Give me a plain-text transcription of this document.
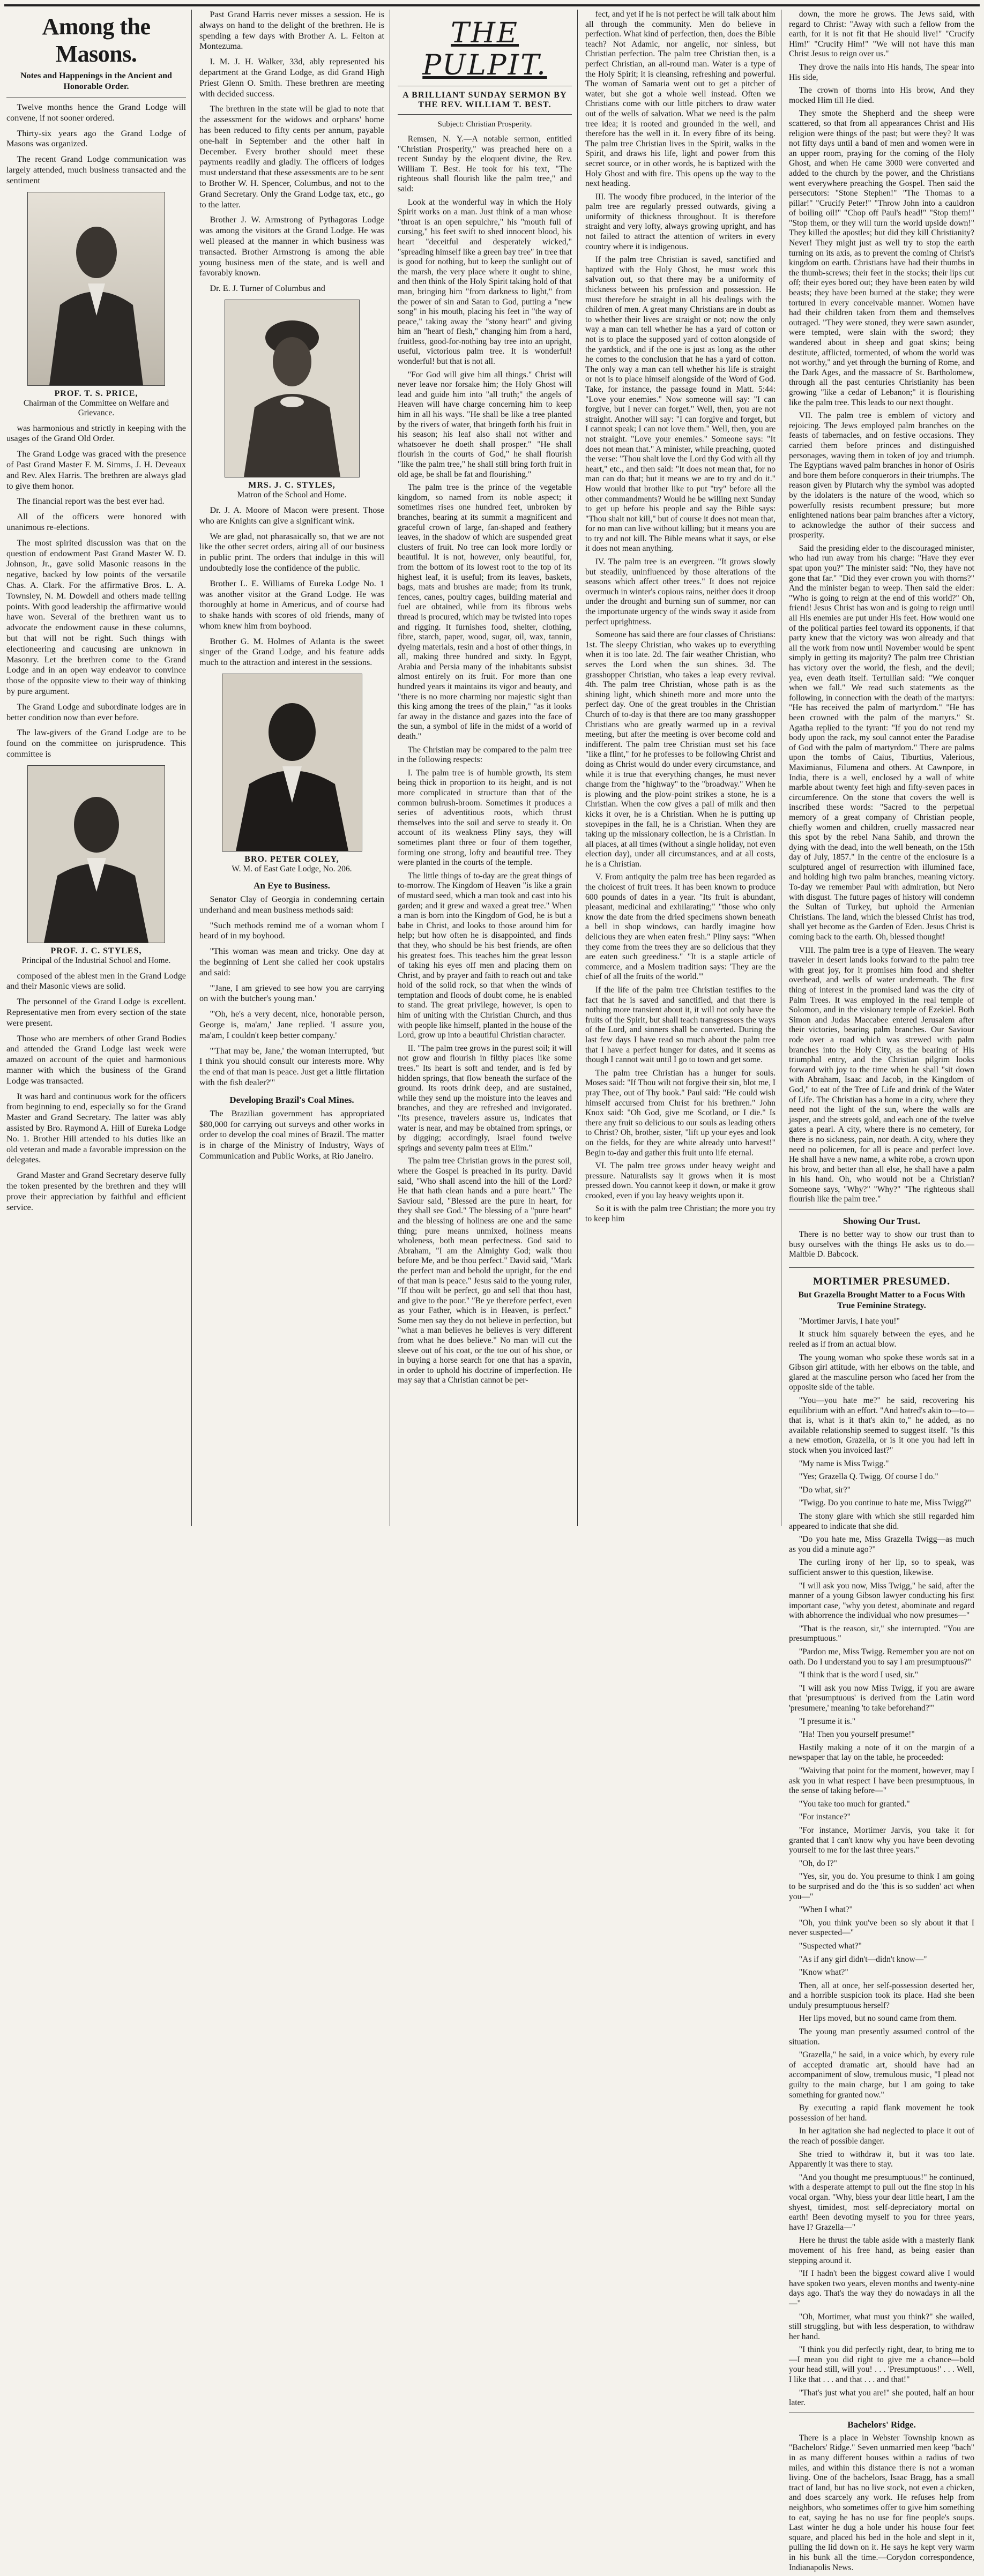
Among the Masons.
Notes and Happenings in the Ancient and Honorable Order.

Twelve months hence the Grand Lodge will convene, if not sooner ordered.

Thirty-six years ago the Grand Lodge of Masons was organized.

The recent Grand Lodge communication was largely attended, much business transacted and the sentiment

PROF. T. S. PRICE,
Chairman of the Committee on Welfare and Grievance.

was harmonious and strictly in keeping with the usages of the Grand Old Order.

The Grand Lodge was graced with the presence of Past Grand Master F. M. Simms, J. H. Deveaux and Rev. Alex Harris. The brethren are always glad to give them honor.

The financial report was the best ever had.

All of the officers were honored with unanimous re-elections.

The most spirited discussion was that on the question of endowment Past Grand Master W. D. Johnson, Jr., gave solid Masonic reasons in the negative, backed by low points of the versatile Chas. A. Clark. For the affirmative Bros. L. A. Townsley, N. M. Dowdell and others made telling points. With good leadership the affirmative would have won. Several of the brethren want us to advocate the endowment cause in these columns, but that will not be right. Such things with electioneering and caucusing are unknown in Masonry. Let the brethren come to the Grand Lodge and in an open way endeavor to convince those of the opposite view to their way of thinking by pure argument.

The Grand Lodge and subordinate lodges are in better condition now than ever before.

The law-givers of the Grand Lodge are to be found on the committee on jurisprudence. This committee is

PROF. J. C. STYLES,
Principal of the Industrial School and Home.

composed of the ablest men in the Grand Lodge and their Masonic views are solid.

The personnel of the Grand Lodge is excellent. Representative men from every section of the state were present.

Those who are members of other Grand Bodies and attended the Grand Lodge last week were amazed on account of the quiet and harmonious manner with which the business of the Grand Lodge was transacted.

It was hard and continuous work for the officers from beginning to end, especially so for the Grand Master and Grand Secretary. The latter was ably assisted by Bro. Raymond A. Hill of Eureka Lodge No. 1. Brother Hill attended to his duties like an old veteran and made a favorable impression on the delegates.

Grand Master and Grand Secretary deserve fully the token presented by the brethren and they will prove their appreciation by faithful and efficient service.

Past Grand Harris never misses a session. He is always on hand to the delight of the brethren. He is spending a few days with Brother A. L. Felton at Montezuma.

I. M. J. H. Walker, 33d, ably represented his department at the Grand Lodge, as did Grand High Priest Glenn O. Smith. These brethren are meeting with decided success.

The brethren in the state will be glad to note that the assessment for the widows and orphans' home has been reduced to fifty cents per annum, payable one-half in September and the other half in December. Every brother should meet these payments readily and gladly. The officers of lodges must understand that these assessments are to be sent to Brother W. H. Spencer, Columbus, and not to the Grand Secretary. Only the Grand Lodge tax, etc., go to the latter.

Brother J. W. Armstrong of Pythagoras Lodge was among the visitors at the Grand Lodge. He was well pleased at the manner in which business was transacted. Brother Armstrong is among the able young business men of the state, and is well and favorably known.

Dr. E. J. Turner of Columbus and

MRS. J. C. STYLES,
Matron of the School and Home.

Dr. J. A. Moore of Macon were present. Those who are Knights can give a significant wink.

We are glad, not pharasaically so, that we are not like the other secret orders, airing all of our business in public print. The orders that indulge in this will undoubtedly lose the confidence of the public.

Brother L. E. Williams of Eureka Lodge No. 1 was another visitor at the Grand Lodge. He was thoroughly at home in Americus, and of course had to shake hands with scores of old friends, many of whom knew him from boyhood.

Brother G. M. Holmes of Atlanta is the sweet singer of the Grand Lodge, and his feature adds much to the attraction and interest in the sessions.

BRO. PETER COLEY,
W. M. of East Gate Lodge, No. 206.
An Eye to Business.

Senator Clay of Georgia in condemning certain underhand and mean business methods said:

"Such methods remind me of a woman whom I heard of in my boyhood.

"This woman was mean and tricky. One day at the beginning of Lent she called her cook upstairs and said:

"'Jane, I am grieved to see how you are carrying on with the butcher's young man.'

"'Oh, he's a very decent, nice, honorable person, George is, ma'am,' Jane replied. 'I assure you, ma'am, I couldn't keep better company.'

"'That may be, Jane,' the woman interrupted, 'but I think you should consult our interests more. Why the end of that man is peace. Just get a little flirtation with the fish dealer?'"

Developing Brazil's Coal Mines.

The Brazilian government has appropriated $80,000 for carrying out surveys and other works in order to develop the coal mines of Brazil. The matter is in charge of the Ministry of Industry, Ways of Communication and Public Works, at Rio Janeiro.

THE PULPIT.
A BRILLIANT SUNDAY SERMON BY THE REV. WILLIAM T. BEST.
Subject: Christian Prosperity.

Remsen, N. Y.—A notable sermon, entitled "Christian Prosperity," was preached here on a recent Sunday by the eloquent divine, the Rev. William T. Best. He took for his text, "The righteous shall flourish like the palm tree," and said:

Look at the wonderful way in which the Holy Spirit works on a man. Just think of a man whose "throat is an open sepulchre," his "mouth full of cursing," his feet swift to shed innocent blood, his heart "deceitful and desperately wicked," "spreading himself like a green bay tree" in tree that is good for nothing, but to keep the sunlight out of the marsh, the very place where it ought to shine, and then think of the Holy Spirit taking hold of that man, bringing him "from darkness to light," from the power of sin and Satan to God, putting a "new song" in his mouth, placing his feet in "the way of peace," taking away the "stony heart" and giving him an "heart of flesh," changing him from a hard, fruitless, good-for-nothing bay tree into an upright, useful, victorious palm tree. It is wonderful! wonderful! but that is not all.

"For God will give him all things." Christ will never leave nor forsake him; the Holy Ghost will lead and guide him into "all truth;" the angels of Heaven will have charge concerning him to keep him in all his ways. "He shall be like a tree planted by the rivers of water, that bringeth forth his fruit in his season; his leaf also shall not wither and whatsoever he doeth shall prosper." "He shall flourish in the courts of God," he shall flourish "like the palm tree," he shall still bring forth fruit in old age, be shall be fat and flourishing."

The palm tree is the prince of the vegetable kingdom, so named from its noble aspect; it sometimes rises one hundred feet, unbroken by branches, bearing at its summit a magnificent and graceful crown of large, fan-shaped and feathery leaves, in the shadow of which are suspended great clusters of fruit. No tree can look more lordly or beautiful. It is not, however, only beautiful, for, from the bottom of its lowest root to the top of its highest leaf, it is useful; from its leaves, baskets, bags, mats and brushes are made; from its trunk, fences, canes, poultry cages, building material and fuel are obtained, while from its fibrous webs thread is procured, which may be twisted into ropes and rigging. It furnishes food, shelter, clothing, fibre, starch, paper, wood, sugar, oil, wax, tannin, dyeing materials, resin and a host of other things, in all, making three hundred and sixty. In Egypt, Arabia and Persia many of the inhabitants subsist almost entirely on its fruit. For more than one hundred years it maintains its vigor and beauty, and "there is no more charming nor majestic sight than this king among the trees of the plain," "as it looks far away in the distance and gazes into the face of the sun, a symbol of life in the midst of a world of death."

The Christian may be compared to the palm tree in the following respects:

I. The palm tree is of humble growth, its stem being thick in proportion to its height, and is not more complicated in structure than that of the common bulrush-broom. Sometimes it produces a series of adventitious roots, which thrust themselves into the soil and serve to steady it. On account of its weakness Pliny says, they will sometimes plant three or four of them together, forming one strong, lofty and beautiful tree. They were planted in the courts of the temple.

The little things of to-day are the great things of to-morrow. The Kingdom of Heaven "is like a grain of mustard seed, which a man took and cast into his garden; and it grew and waxed a great tree." When a man is born into the Kingdom of God, he is but a babe in Christ, and looks to those around him for help; but how often he is disappointed, and finds that they, who should be his best friends, are often his greatest foes. This teaches him the great lesson of taking his eyes off men and placing them on Christ, and by prayer and faith to reach out and take hold of the solid rock, so that when the winds of temptation and floods of doubt come, he is enabled to stand. The great privilege, however, is open to him of uniting with the Christian Church, and thus with people like himself, planted in the house of the Lord, grow up into a beautiful Christian character.

II. "The palm tree grows in the purest soil; it will not grow and flourish in filthy places like some trees." Its heart is soft and tender, and is fed by hidden springs, that flow beneath the surface of the ground. Its roots drink deep, and are sustained, while they send up the moisture into the leaves and branches, and they are refreshed and invigorated. "Its presence, travelers assure us, indicates that water is near, and may be obtained from springs, or by digging; accordingly, Israel found twelve springs and seventy palm trees at Elim."

The palm tree Christian grows in the purest soil, where the Gospel is preached in its purity. David said, "Who shall ascend into the hill of the Lord? He that hath clean hands and a pure heart." The Saviour said, "Blessed are the pure in heart, for they shall see God." The blessing of a "pure heart" and the blessing of holiness are one and the same thing; pure means unmixed, holiness means wholeness, both mean perfectness. God said to Abraham, "I am the Almighty God; walk thou before Me, and be thou perfect." David said, "Mark the perfect man and behold the upright, for the end of that man is peace." Jesus said to the young ruler, "If thou wilt be perfect, go and sell that thou hast, and give to the poor." "Be ye therefore perfect, even as your Father, which is in Heaven, is perfect." Some men say they do not believe in perfection, but "what a man believes he believes is very different from what he does believe." No man will cut the sleeve out of his coat, or the toe out of his shoe, or in buying a horse search for one that has a spavin, in order to uphold his doctrine of imperfection. He may say that a Christian cannot be per-

fect, and yet if he is not perfect he will talk about him all through the community. Men do believe in perfection. What kind of perfection, then, does the Bible teach? Not Adamic, nor angelic, nor sinless, but Christian perfection. The palm tree Christian then, is a perfect Christian, an all-round man. Water is a type of the Holy Spirit; it is cleansing, refreshing and powerful. The woman of Samaria went out to get a pitcher of water, but she got a whole well instead. Often we Christians come with our little pitchers to draw water out of the wells of salvation. What we need is the palm tree idea; it is rooted and grounded in the well, and therefore has the well in it. In every fibre of its being. The palm tree Christian lives in the Spirit, walks in the Spirit, and draws his life, light and power from this secret source, or in other words, he is baptized with the Holy Ghost and with fire. This opens up the way to the next heading.

III. The woody fibre produced, in the interior of the palm tree are regularly pressed outwards, giving a uniformity of thickness throughout. It is therefore straight and very lofty, always growing upright, and has not failed to attract the attention of writers in every country where it is indigenous.

If the palm tree Christian is saved, sanctified and baptized with the Holy Ghost, he must work this salvation out, so that there may be a uniformity of thickness between his profession and possession. He must therefore be straight in all his dealings with the children of men. A great many Christians are in doubt as to whether their lives are straight or not; now the only way a man can tell whether he has a yard of cotton or not is to place the supposed yard of cotton alongside of the yardstick, and if the one is just as long as the other he comes to the conclusion that he has a yard of cotton. The only way a man can tell whether his life is straight or not is to place himself alongside of the Word of God. Take, for instance, the passage found in Matt. 5:44: "Love your enemies." Now someone will say: "I can forgive, but I never can forget." Well, then, you are not straight. Another will say: "I can forgive and forget, but I cannot speak; I can not love them." Well, then, you are not straight. "Love your enemies." Someone says: "It does not mean that." A minister, while preaching, quoted the verse: "Thou shalt love the Lord thy God with all thy heart," etc., and then said: "It does not mean that, for no man can do that; but it means we are to try and do it." How would that brother like to put "try" before all the other commandments? Would he be willing next Sunday to get up before his people and say the Bible says: "Thou shalt not kill," but of course it does not mean that, for no man can live without killing; but it means you are to try and not kill. The Bible means what it says, or else it does not mean anything.

IV. The palm tree is an evergreen. "It grows slowly but steadily, uninfluenced by those alterations of the seasons which affect other trees." It does not rejoice overmuch in winter's copious rains, neither does it droop under the drought and burning sun of summer, nor can the importunate urgency of the winds sway it aside from perfect uprightness.

Someone has said there are four classes of Christians: 1st. The sleepy Christian, who wakes up to everything when it is too late. 2d. The fair weather Christian, who serves the Lord when the sun shines. 3d. The grasshopper Christian, who takes a leap every revival. 4th. The palm tree Christian, whose path is as the shining light, which shineth more and more unto the perfect day. One of the great troubles in the Christian Church of to-day is that there are too many grasshopper Christians who are greatly warmed up in a revival meeting, but after the meeting is over become cold and indifferent. The palm tree Christian must set his face "like a flint," for he professes to be following Christ and doing as Christ would do under every circumstance, and while it is true that everything changes, he must never change from the "highway" to the "broadway." When he is plowing and the plow-point strikes a stone, he is a Christian. When the cow gives a pail of milk and then kicks it over, he is a Christian. When he is putting up stovepipes in the fall, he is a Christian. When they are taking up the missionary collection, he is a Christian. In all places, at all times (without a single holiday, not even election day), under all circumstances, and at all costs, he is a Christian.

V. From antiquity the palm tree has been regarded as the choicest of fruit trees. It has been known to produce 600 pounds of dates in a year. "Its fruit is abundant, pleasant, medicinal and exhilarating;" "those who only know the date from the dried specimens shown beneath a bell in shop windows, can hardly imagine how delicious they are when eaten fresh." Pliny says: "When they come from the trees they are so delicious that they are eaten such greediness." "It is a staple article of commerce, and a Moslem tradition says: 'They are the chief of all the fruits of the world.'"

If the life of the palm tree Christian testifies to the fact that he is saved and sanctified, and that there is nothing more transient about it, it will not only have the fruits of the Spirit, but shall teach transgressors the ways of the Lord, and sinners shall be converted. During the last few days I have read so much about the palm tree that I have a perfect hunger for dates, and it seems as though I cannot wait until I go to town and get some.

The palm tree Christian has a hunger for souls. Moses said: "If Thou wilt not forgive their sin, blot me, I pray Thee, out of Thy book." Paul said: "He could wish himself accursed from Christ for his brethren." John Knox said: "Oh God, give me Scotland, or I die." Is there any fruit so delicious to our souls as leading others to Christ? Oh, brother, sister, "lift up your eyes and look on the fields, for they are white already unto harvest!" Begin to-day and gather this fruit unto life eternal.

VI. The palm tree grows under heavy weight and pressure. Naturalists say it grows when it is most pressed down. You cannot keep it down, or make it grow crooked, even if you lay heavy weights upon it.

So it is with the palm tree Christian; the more you try to keep him

down, the more he grows. The Jews said, with regard to Christ: "Away with such a fellow from the earth, for it is not fit that He should live!" "Crucify Him!" "Crucify Him!" "We will not have this man Christ Jesus to reign over us."

They drove the nails into His hands, The spear into His side,

The crown of thorns into His brow, And they mocked Him till He died.

They smote the Shepherd and the sheep were scattered, so that from all appearances Christ and His religion were things of the past; but were they? It was not fifty days until a band of men and women were in an upper room, praying for the coming of the Holy Ghost, and when He came 3000 were converted and added to the church by the power, and the Christians went everywhere preaching the Gospel. Then said the persecutors: "Stone Stephen!" "The Thomas to a pillar!" "Crucify Peter!" "Throw John into a cauldron of boiling oil!" "Chop off Paul's head!" "Stop them!" "Stop them, or they will turn the world upside down!" They killed the apostles; but did they kill Christianity? Never! They might just as well try to stop the earth turning on its axis, as to prevent the coming of Christ's kingdom on earth. Christians have had their thumbs in the thumb-screws; their feet in the stocks; their lips cut off; their eyes bored out; they have been eaten by wild beasts; they have been burned at the stake; they were tortured in every conceivable manner. Women have had their children taken from them and themselves outraged. "They were stoned, they were sawn asunder, were tempted, were slain with the sword; they wandered about in sheep and goat skins; being destitute, afflicted, tormented, of whom the world was not worthy," and yet through the burning of Rome, and the Dark Ages, and the massacre of St. Bartholomew, through all the past centuries Christianity has been growing "like a cedar of Lebanon;" it is flourishing like the palm tree. This leads to our next thought.

VII. The palm tree is emblem of victory and rejoicing. The Jews employed palm branches on the feasts of tabernacles, and on festive occasions. They carried them before princes and distinguished personages, waving them in token of joy and triumph. The Egyptians waved palm branches in honor of Osiris and bore them before conquerors in their triumphs. The reason given by Plutarch why the symbol was adopted by the idolaters is the nature of the wood, which so powerfully resists recumbent pressure; but more enlightened nations bear palm branches after a victory, to acknowledge the author of their success and prosperity.

Said the presiding elder to the discouraged minister, who had run away from his charge: "Have they ever spat upon you?" The minister said: "No, they have not gone that far." "Did they ever crown you with thorns?" And the minister began to weep. Then said the elder: "Who is going to reign at the end of this world?" Oh, friend! Jesus Christ has won and is going to reign until all His enemies are put under His feet. How would one of the political parties feel toward its opponents, if that party knew that the victory was won already and that all the work from now until November would be spent simply in getting its majority? The palm tree Christian has victory over the world, the flesh, and the devil; yea, even death itself. Tertullian said: "We conquer when we fall." We read such statements as the following, in connection with the death of the martyrs: "He has received the palm of martyrdom." "He has been crowned with the palm of the martyrs." St. Agatha replied to the tyrant: "If you do not rend my body upon the rack, my soul cannot enter the Paradise of God with the palm of martyrdom." There are palms upon the tombs of Caius, Tiburtius, Valerious, Maximianus, Filumena and others. At Cawnpore, in India, there is a well, enclosed by a wall of white marble about twenty feet high and fifty-seven paces in circumference. On the stone that covers the well is inscribed these words: "Sacred to the perpetual memory of a great company of Christian people, chiefly women and children, cruelly massacred near this spot by the rebel Nana Sahib, and thrown the dying with the dead, into the well beneath, on the 15th day of July, 1857." In the centre of the enclosure is a sculptured angel of resurrection with illumined face, and holding high two palm branches, meaning victory. To-day we remember Paul with admiration, but Nero with disgust. The future pages of history will condemn the Sultan of Turkey, but uphold the Armenian Christians. The land, which the blessed Christ has trod, shall yet become as the Garden of Eden. Jesus Christ is coming back to the earth. Oh, blessed thought!

VIII. The palm tree is a type of Heaven. The weary traveler in desert lands looks forward to the palm tree with great joy, for it promises him food and shelter overhead, and wells of water underneath. The first thing of interest in the promised land was the city of Palm Trees. It was employed in the real temple of Solomon, and in the visionary temple of Ezekiel. Both Simon and Judas Maccabee entered Jerusalem after their victories, bearing palm branches. Our Saviour rode over a road which was strewed with palm branches into the Holy City, as the bearing of His triumphal entry, and the Christian pilgrim looks forward with joy to the time when he shall "sit down with Abraham, Isaac and Jacob, in the Kingdom of God," to eat of the Tree of Life and drink of the Water of Life. The Christian has a home in a city, where they need not the light of the sun, where the walls are jasper, and the streets gold, and each one of the twelve gates a pearl. A city, where there is no cemetery, for there is no sickness, pain, nor death. A city, where they need no policemen, for all is peace and perfect love. He shall have a new name, a white robe, a crown upon his brow, and better than all else, he shall have a palm in his hand. Oh, who would not be a Christian? Someone says, "Why?" "Why?" "The righteous shall flourish like the palm tree."

Showing Our Trust.

There is no better way to show our trust than to busy ourselves with the things He asks us to do.—Maltbie D. Babcock.

MORTIMER PRESUMED.
But Grazella Brought Matter to a Focus With True Feminine Strategy.

"Mortimer Jarvis, I hate you!"

It struck him squarely between the eyes, and he reeled as if from an actual blow.

The young woman who spoke these words sat in a Gibson girl attitude, with her elbows on the table, and glared at the masculine person who faced her from the opposite side of the table.

"You—you hate me?" he said, recovering his equilibrium with an effort. "And hatred's akin to—to—that is, what is it that's akin to," he added, as no available relationship seemed to suggest itself. "Is this a new emotion, Grazella, or is it one you had left in stock when you invoiced last?"

"My name is Miss Twigg."

"Yes; Grazella Q. Twigg. Of course I do."

"Do what, sir?"

"Twigg. Do you continue to hate me, Miss Twigg?"

The stony glare with which she still regarded him appeared to indicate that she did.

"Do you hate me, Miss Grazella Twigg—as much as you did a minute ago?"

The curling irony of her lip, so to speak, was sufficient answer to this question, likewise.

"I will ask you now, Miss Twigg," he said, after the manner of a young Gibson lawyer conducting his first important case, "why you detest, abominate and regard with abhorrence the individual who now presumes—"

"That is the reason, sir," she interrupted. "You are presumptuous."

"Pardon me, Miss Twigg. Remember you are not on oath. Do I understand you to say I am presumptuous?"

"I think that is the word I used, sir."

"I will ask you now Miss Twigg, if you are aware that 'presumptuous' is derived from the Latin word 'presumere,' meaning 'to take beforehand?'"

"I presume it is."

"Ha! Then you yourself presume!"

Hastily making a note of it on the margin of a newspaper that lay on the table, he proceeded:

"Waiving that point for the moment, however, may I ask you in what respect I have been presumptuous, in the sense of taking before—"

"You take too much for granted."

"For instance?"

"For instance, Mortimer Jarvis, you take it for granted that I can't know why you have been devoting yourself to me for the last three years."

"Oh, do I?"

"Yes, sir, you do. You presume to think I am going to be surprised and do the 'this is so sudden' act when you—"

"When I what?"

"Oh, you think you've been so sly about it that I never suspected—"

"Suspected what?"

"As if any girl didn't—didn't know—"

"Know what?"

Then, all at once, her self-possession deserted her, and a horrible suspicion took its place. Had she been unduly presumptuous herself?

Her lips moved, but no sound came from them.

The young man presently assumed control of the situation.

"Grazella," he said, in a voice which, by every rule of accepted dramatic art, should have had an accompaniment of slow, tremulous music, "I plead not guilty to the main charge, but I am going to take something for granted now."

By executing a rapid flank movement he took possession of her hand.

In her agitation she had neglected to place it out of the reach of possible danger.

She tried to withdraw it, but it was too late. Apparently it was there to stay.

"And you thought me presumptuous!" he continued, with a desperate attempt to pull out the fine stop in his vocal organ. "Why, bless your dear little heart, I am the shyest, timidest, most self-depreciatory mortal on earth! Been devoting myself to you for three years, have I? Grazella—"

Here he thrust the table aside with a masterly flank movement of his free hand, as being easier than stepping around it.

"If I hadn't been the biggest coward alive I would have spoken two years, eleven months and twenty-nine days ago. That's the way they do nowadays in all the—"

"Oh, Mortimer, what must you think?" she wailed, still struggling, but with less desperation, to withdraw her hand.

"I think you did perfectly right, dear, to bring me to—I mean you did right to give me a chance—bold your head still, will you! . . . 'Presumptuous!' . . . Well, I like that . . . and that . . . and that!"

"That's just what you are!" she pouted, half an hour later.

Bachelors' Ridge.

There is a place in Webster Township known as "Bachelors' Ridge." Seven unmarried men keep "bach" in as many different houses within a radius of two miles, and within this distance there is not a woman living. One of the bachelors, Isaac Bragg, has a small tract of land, but has no live stock, not even a chicken, and does scarcely any work. He refuses help from neighbors, who sometimes offer to give him something to eat, saying he has no use for fine people's soups. Last winter he dug a hole under his house four feet square, and placed his bed in the hole and slept in it, pulling the lid down on it. He says he kept very warm in his bunk all the time.—Corydon correspondence, Indianapolis News.
